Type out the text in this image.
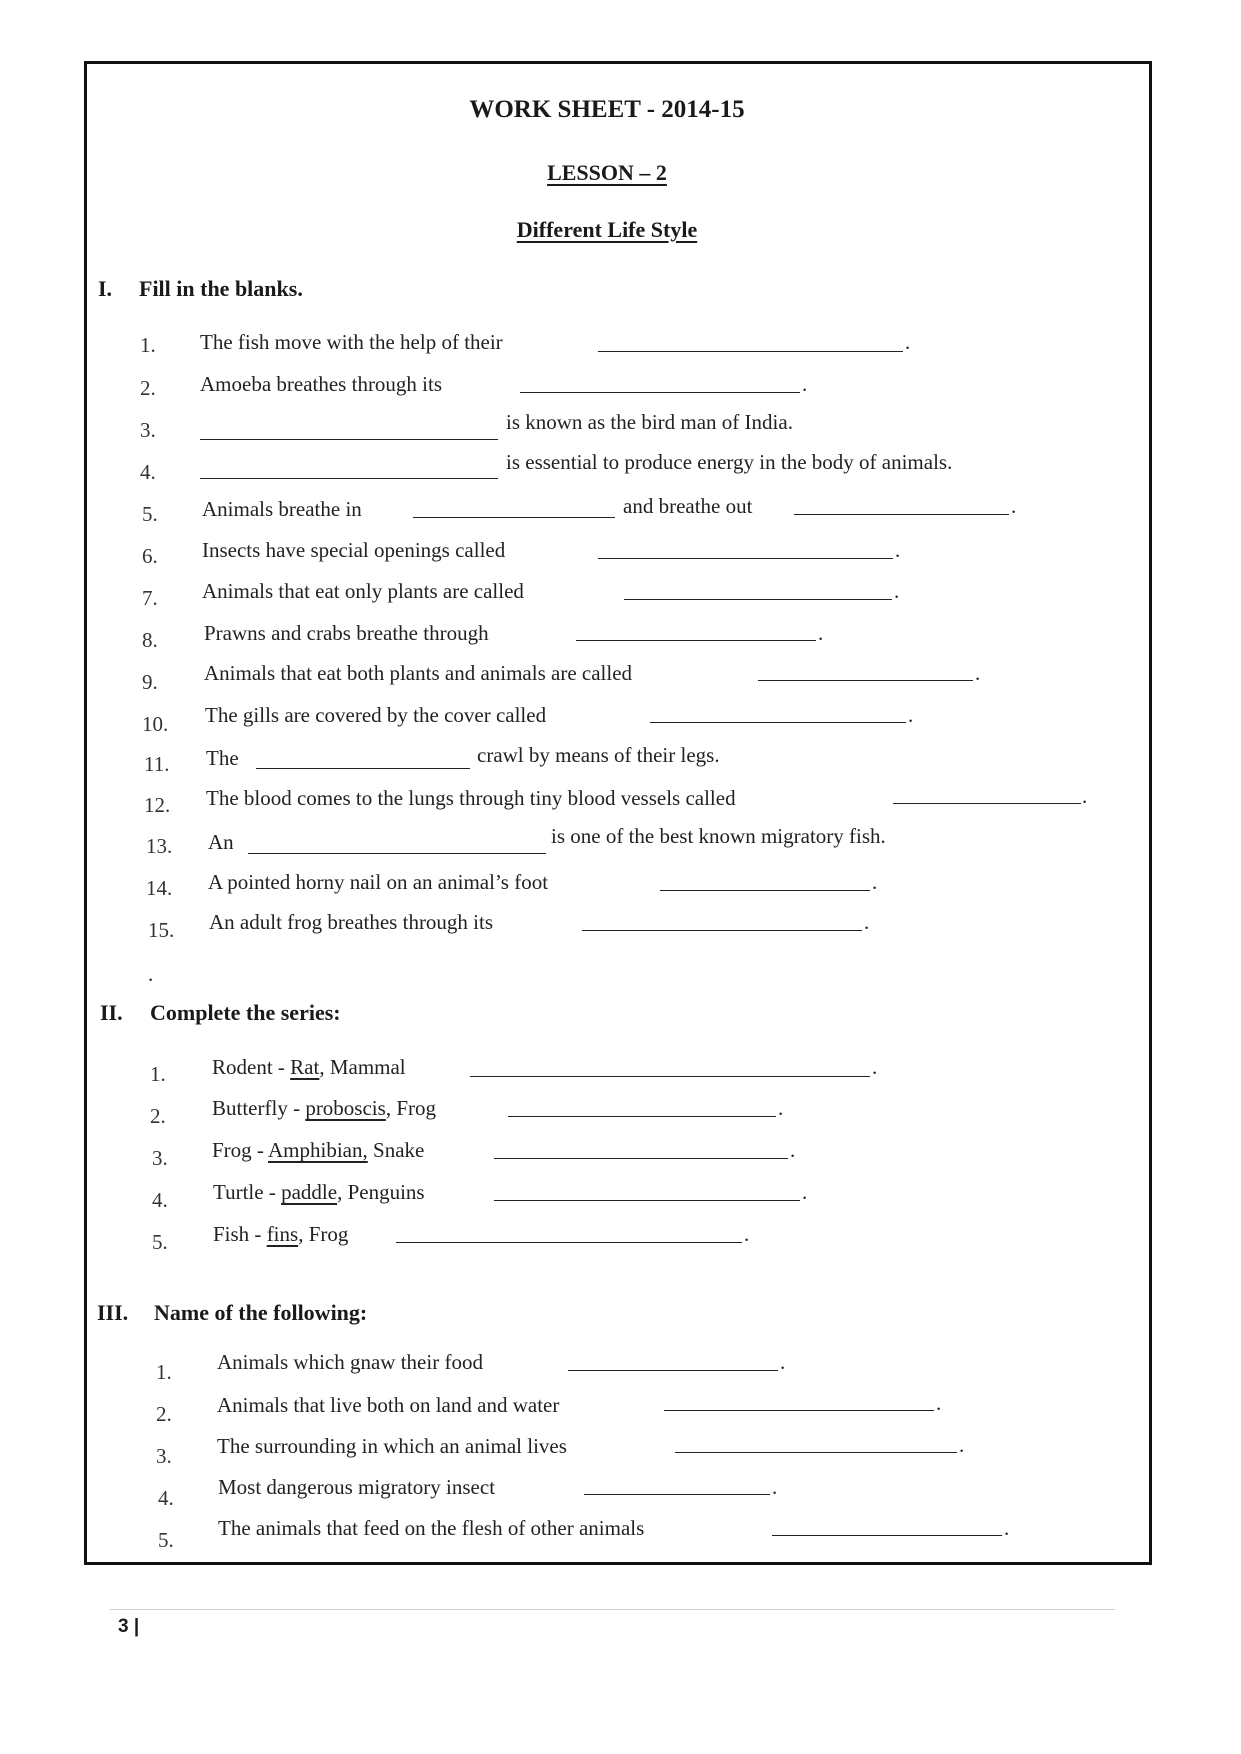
WORK SHEET - 2014-15
LESSON – 2
Different Life Style
I. Fill in the blanks.
1. The fish move with the help of their	.
2. Amoeba breathes through its	.
3.	is known as the bird man of India.
4.	is essential to produce energy in the body of animals.
5. Animals breathe in	and breathe out	.
6. Insects have special openings called	.
7. Animals that eat only plants are called	.
8. Prawns and crabs breathe through	.
9. Animals that eat both plants and animals are called	.
10. The gills are covered by the cover called	.
11. The	crawl by means of their legs.
12. The blood comes to the lungs through tiny blood vessels called	.
13. An	is one of the best known migratory fish.
14. A pointed horny nail on an animal’s foot	.
15. An adult frog breathes through its	.
.
II. Complete the series:
1. Rodent - Rat, Mammal	.
2. Butterfly - proboscis, Frog	.
3. Frog - Amphibian, Snake	.
4. Turtle - paddle, Penguins	.
5. Fish - fins, Frog	.
III. Name of the following:
1. Animals which gnaw their food	.
2. Animals that live both on land and water	.
3. The surrounding in which an animal lives	.
4. Most dangerous migratory insect	.
5. The animals that feed on the flesh of other animals	.
3 |
